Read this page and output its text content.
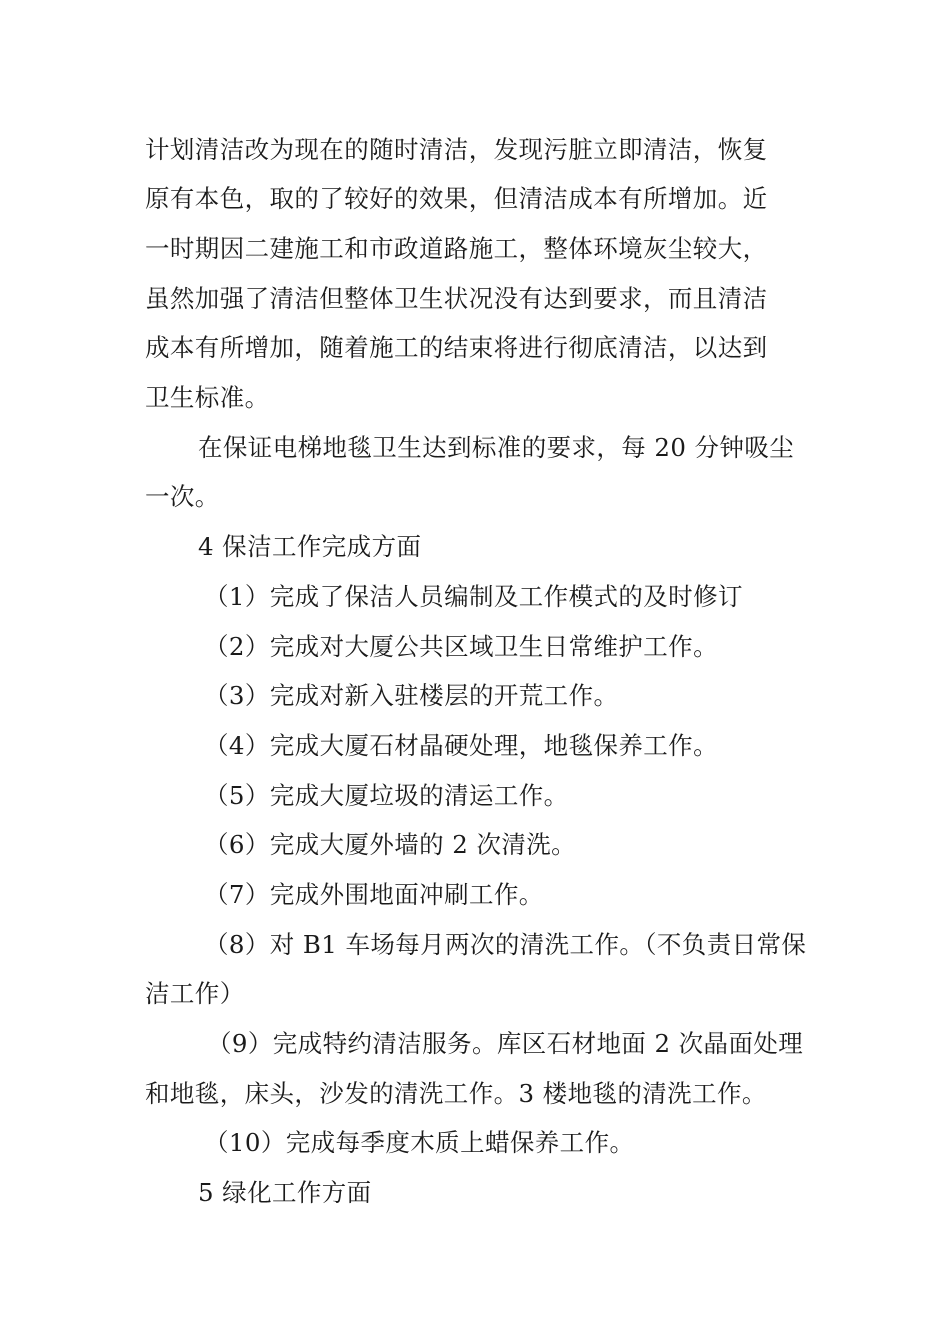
计划清洁改为现在的随时清洁，发现污脏立即清洁，恢复
原有本色，取的了较好的效果，但清洁成本有所增加。近
一时期因二建施工和市政道路施工，整体环境灰尘较大，
虽然加强了清洁但整体卫生状况没有达到要求，而且清洁
成本有所增加，随着施工的结束将进行彻底清洁，以达到
卫生标准。
在保证电梯地毯卫生达到标准的要求，每 20 分钟吸尘
一次。
4 保洁工作完成方面
（1）完成了保洁人员编制及工作模式的及时修订
（2）完成对大厦公共区域卫生日常维护工作。
（3）完成对新入驻楼层的开荒工作。
（4）完成大厦石材晶硬处理，地毯保养工作。
（5）完成大厦垃圾的清运工作。
（6）完成大厦外墙的 2 次清洗。
（7）完成外围地面冲刷工作。
（8）对 B1 车场每月两次的清洗工作。（不负责日常保
洁工作）
（9）完成特约清洁服务。库区石材地面 2 次晶面处理
和地毯，床头，沙发的清洗工作。3 楼地毯的清洗工作。
（10）完成每季度木质上蜡保养工作。
5 绿化工作方面
